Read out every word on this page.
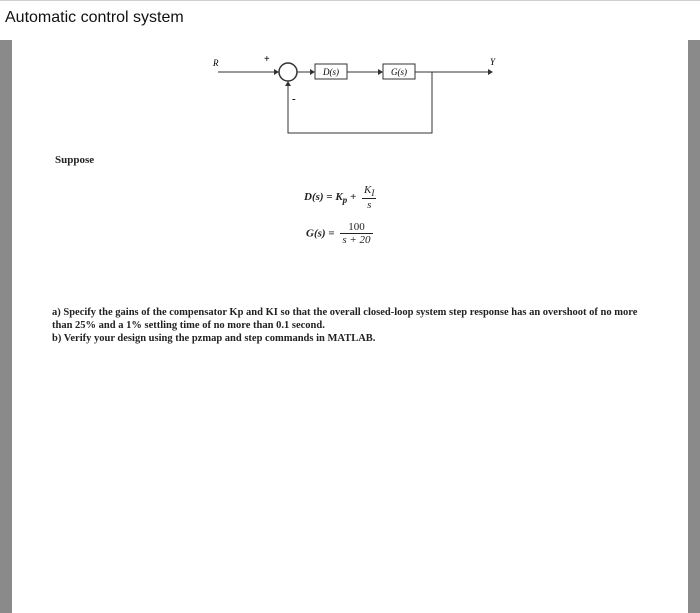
Automatic control system
D(s)	G(s)
R	Y
+
-
Suppose
$D(s) = K_p + \frac{K_I}{s}$
$G(s) = \frac{100}{s + 20}$

a) Specify the gains of the compensator Kp and KI so that the overall closed-loop system step response has an overshoot of no more than 25% and a 1% settling time of no more than 0.1 second.

b) Verify your design using the pzmap and step commands in MATLAB.
